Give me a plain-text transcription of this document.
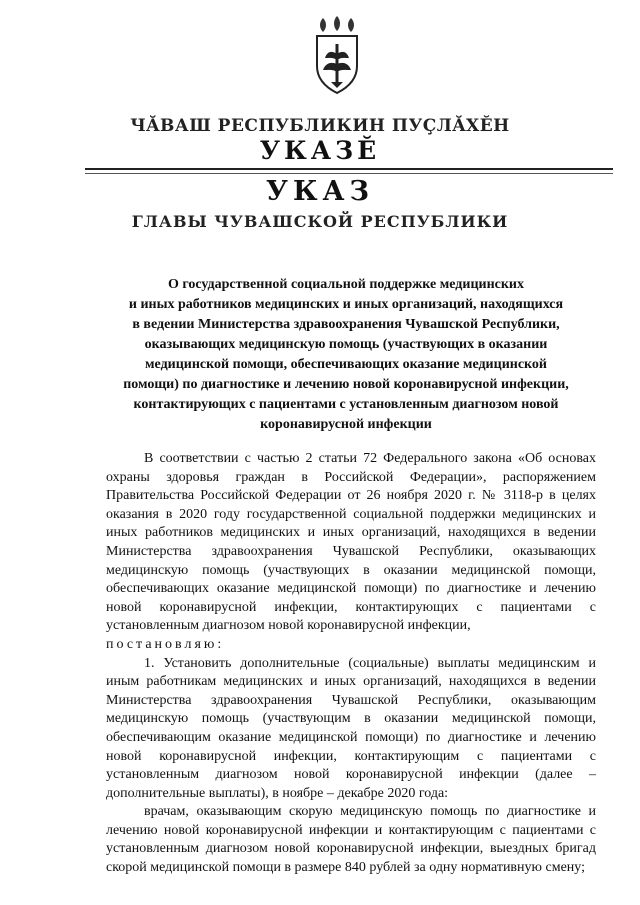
ЧĂВАШ РЕСПУБЛИКИН ПУÇЛĂХĔН
УКАЗĔ
УКАЗ
ГЛАВЫ ЧУВАШСКОЙ РЕСПУБЛИКИ
О государственной социальной поддержке медицинских
и иных работников медицинских и иных организаций, находящихся
в ведении Министерства здравоохранения Чувашской Республики,
оказывающих медицинскую помощь (участвующих в оказании
медицинской помощи, обеспечивающих оказание медицинской
помощи) по диагностике и лечению новой коронавирусной инфекции,
контактирующих с пациентами с установленным диагнозом новой
коронавирусной инфекции

В соответствии с частью 2 статьи 72 Федерального закона «Об основах охраны здоровья граждан в Российской Федерации», распоряжением Правительства Российской Федерации от 26 ноября 2020 г. № 3118-р в целях оказания в 2020 году государственной социальной поддержки медицинских и иных работников медицинских и иных организаций, находящихся в ведении Министерства здравоохранения Чувашской Республики, оказывающих медицинскую помощь (участвующих в оказании медицинской помощи, обеспечивающих оказание медицинской помощи) по диагностике и лечению новой коронавирусной инфекции, контактирующих с пациентами с установленным диагнозом новой коронавирусной инфекции,

постановляю:

1. Установить дополнительные (социальные) выплаты медицинским и иным работникам медицинских и иных организаций, находящихся в ведении Министерства здравоохранения Чувашской Республики, оказывающим медицинскую помощь (участвующим в оказании медицинской помощи, обеспечивающим оказание медицинской помощи) по диагностике и лечению новой коронавирусной инфекции, контактирующим с пациентами с установленным диагнозом новой коронавирусной инфекции (далее – дополнительные выплаты), в ноябре – декабре 2020 года:

врачам, оказывающим скорую медицинскую помощь по диагностике и лечению новой коронавирусной инфекции и контактирующим с пациентами с установленным диагнозом новой коронавирусной инфекции, выездных бригад скорой медицинской помощи в размере 840 рублей за одну нормативную смену;
